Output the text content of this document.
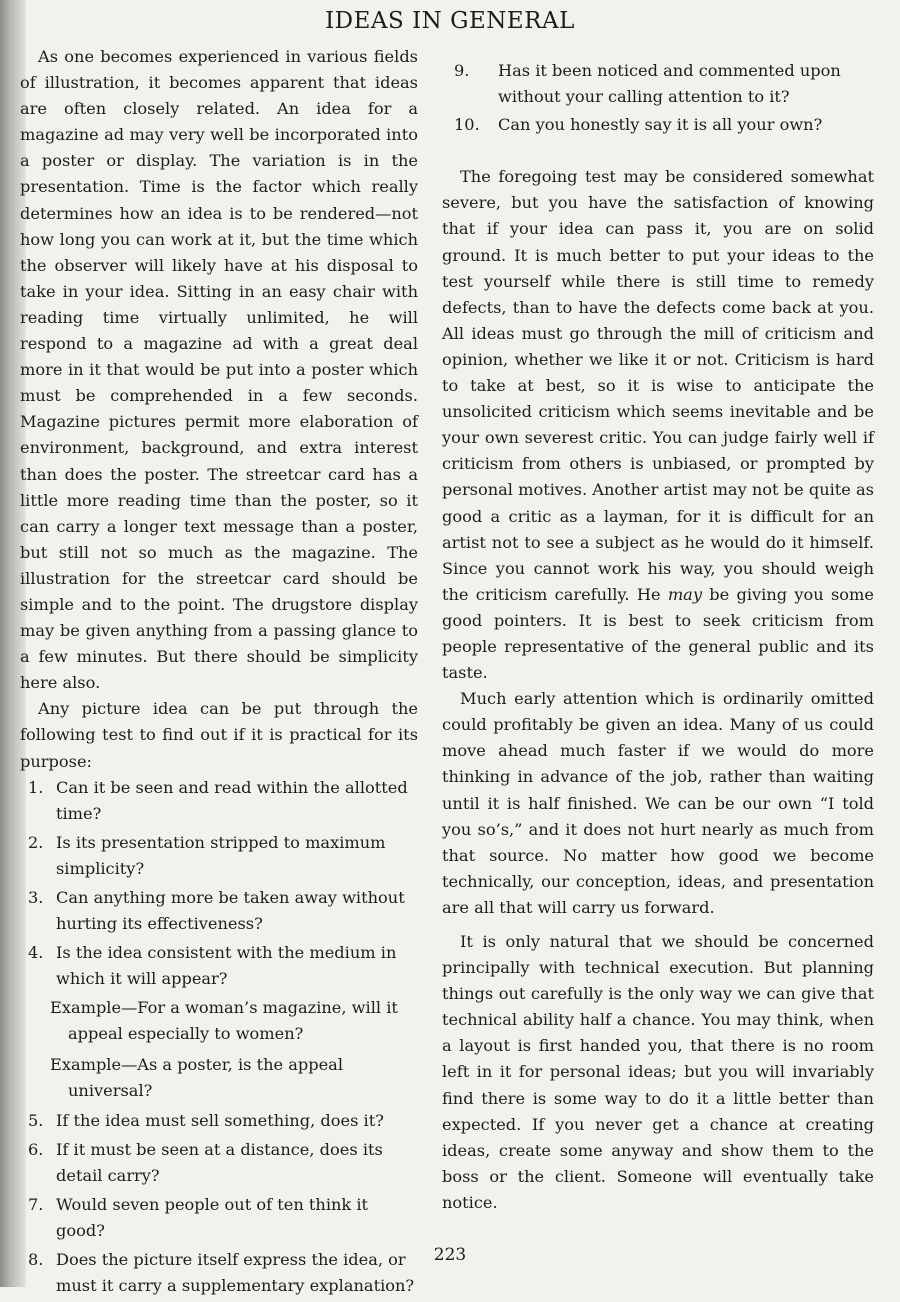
IDEAS IN GENERAL

As one becomes experienced in various fields of illustration, it becomes apparent that ideas are often closely related. An idea for a magazine ad may very well be incorporated into a poster or display. The variation is in the presentation. Time is the factor which really determines how an idea is to be rendered—not how long you can work at it, but the time which the observer will likely have at his disposal to take in your idea. Sitting in an easy chair with reading time virtually unlimited, he will respond to a magazine ad with a great deal more in it that would be put into a poster which must be comprehended in a few seconds. Magazine pictures permit more elaboration of environment, background, and extra interest than does the poster. The streetcar card has a little more reading time than the poster, so it can carry a longer text message than a poster, but still not so much as the magazine. The illustration for the streetcar card should be simple and to the point. The drugstore display may be given anything from a passing glance to a few minutes. But there should be simplicity here also.

Any picture idea can be put through the following test to find out if it is practical for its purpose:

1. Can it be seen and read within the allotted time?
2. Is its presentation stripped to maximum simplicity?
3. Can anything more be taken away without hurting its effectiveness?
4. Is the idea consistent with the medium in which it will appear?

Example—For a woman’s magazine, will it appeal especially to women?

Example—As a poster, is the appeal universal?

5. If the idea must sell something, does it?
6. If it must be seen at a distance, does its detail carry?
7. Would seven people out of ten think it good?
8. Does the picture itself express the idea, or must it carry a supplementary explanation?
9. Has it been noticed and commented upon without your calling attention to it?
10. Can you honestly say it is all your own?

The foregoing test may be considered somewhat severe, but you have the satisfaction of knowing that if your idea can pass it, you are on solid ground. It is much better to put your ideas to the test yourself while there is still time to remedy defects, than to have the defects come back at you. All ideas must go through the mill of criticism and opinion, whether we like it or not. Criticism is hard to take at best, so it is wise to anticipate the unsolicited criticism which seems inevitable and be your own severest critic. You can judge fairly well if criticism from others is unbiased, or prompted by personal motives. Another artist may not be quite as good a critic as a layman, for it is difficult for an artist not to see a subject as he would do it himself. Since you cannot work his way, you should weigh the criticism carefully. He may be giving you some good pointers. It is best to seek criticism from people representative of the general public and its taste.

Much early attention which is ordinarily omitted could profitably be given an idea. Many of us could move ahead much faster if we would do more thinking in advance of the job, rather than waiting until it is half finished. We can be our own “I told you so’s,” and it does not hurt nearly as much from that source. No matter how good we become technically, our conception, ideas, and presentation are all that will carry us forward.

It is only natural that we should be concerned principally with technical execution. But planning things out carefully is the only way we can give that technical ability half a chance. You may think, when a layout is first handed you, that there is no room left in it for personal ideas; but you will invariably find there is some way to do it a little better than expected. If you never get a chance at creating ideas, create some anyway and show them to the boss or the client. Someone will eventually take notice.

223
